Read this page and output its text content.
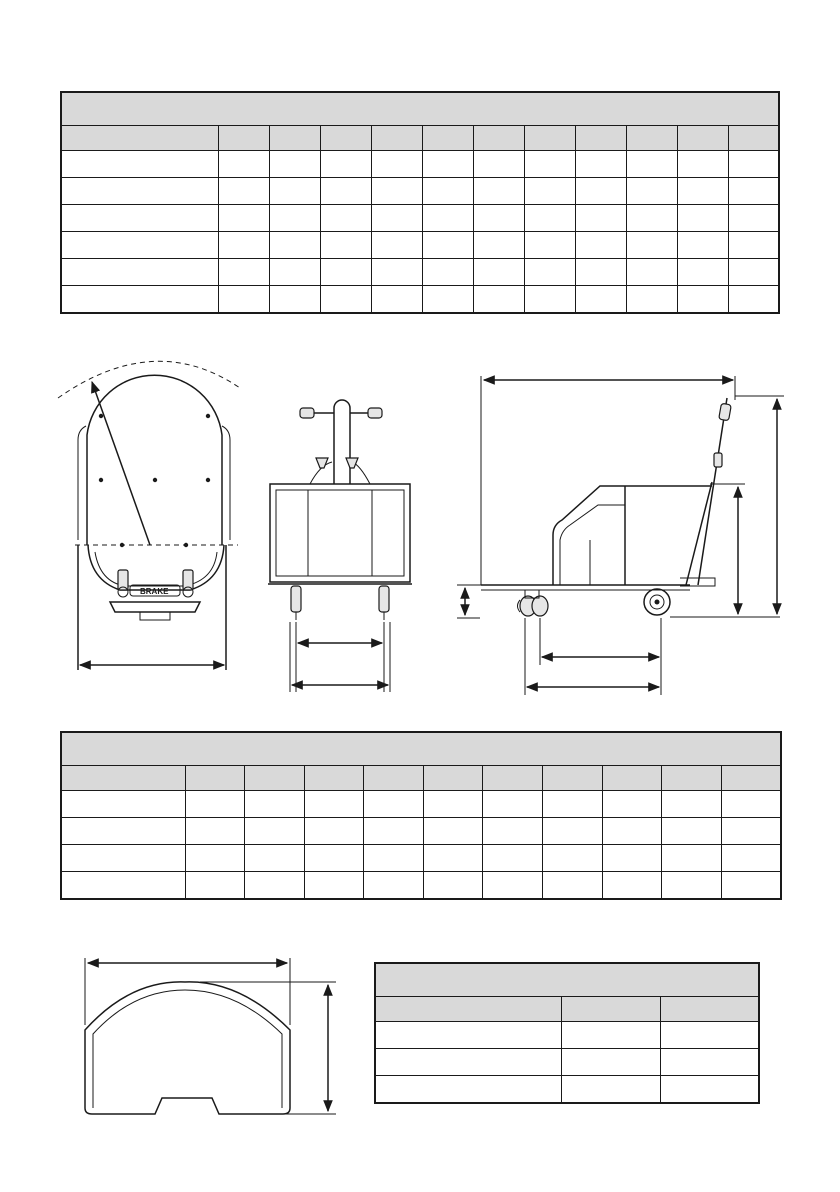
BRAKE
